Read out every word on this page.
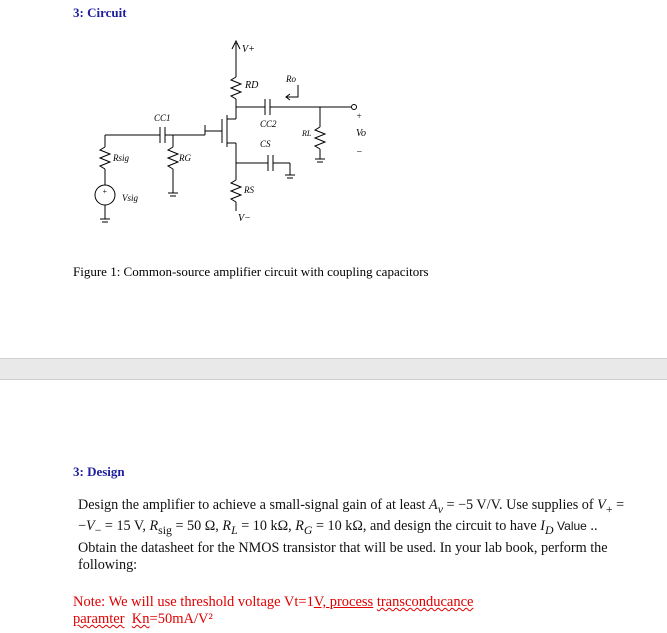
3: Circuit
V+
RD
CC2
Ro
RL
+
Vo
−
CC1
RG
Rsig
+
Vsig
CS
RS
V−
Figure 1: Common-source amplifier circuit with coupling capacitors
3: Design
Design the amplifier to achieve a small-signal gain of at least $A_v = -5$ V/V. Use supplies of $V_+ = -V_- = 15$ V, $R_{sig} = 50$ Ω, $R_L = 10$ kΩ, $R_G = 10$ kΩ, and design the circuit to have $I_D$ Value .. Obtain the datasheet for the NMOS transistor that will be used. In your lab book, perform the following:
Note: We will use threshold voltage Vt=1V, process transconducance
paramter Kn=50mA/V²
